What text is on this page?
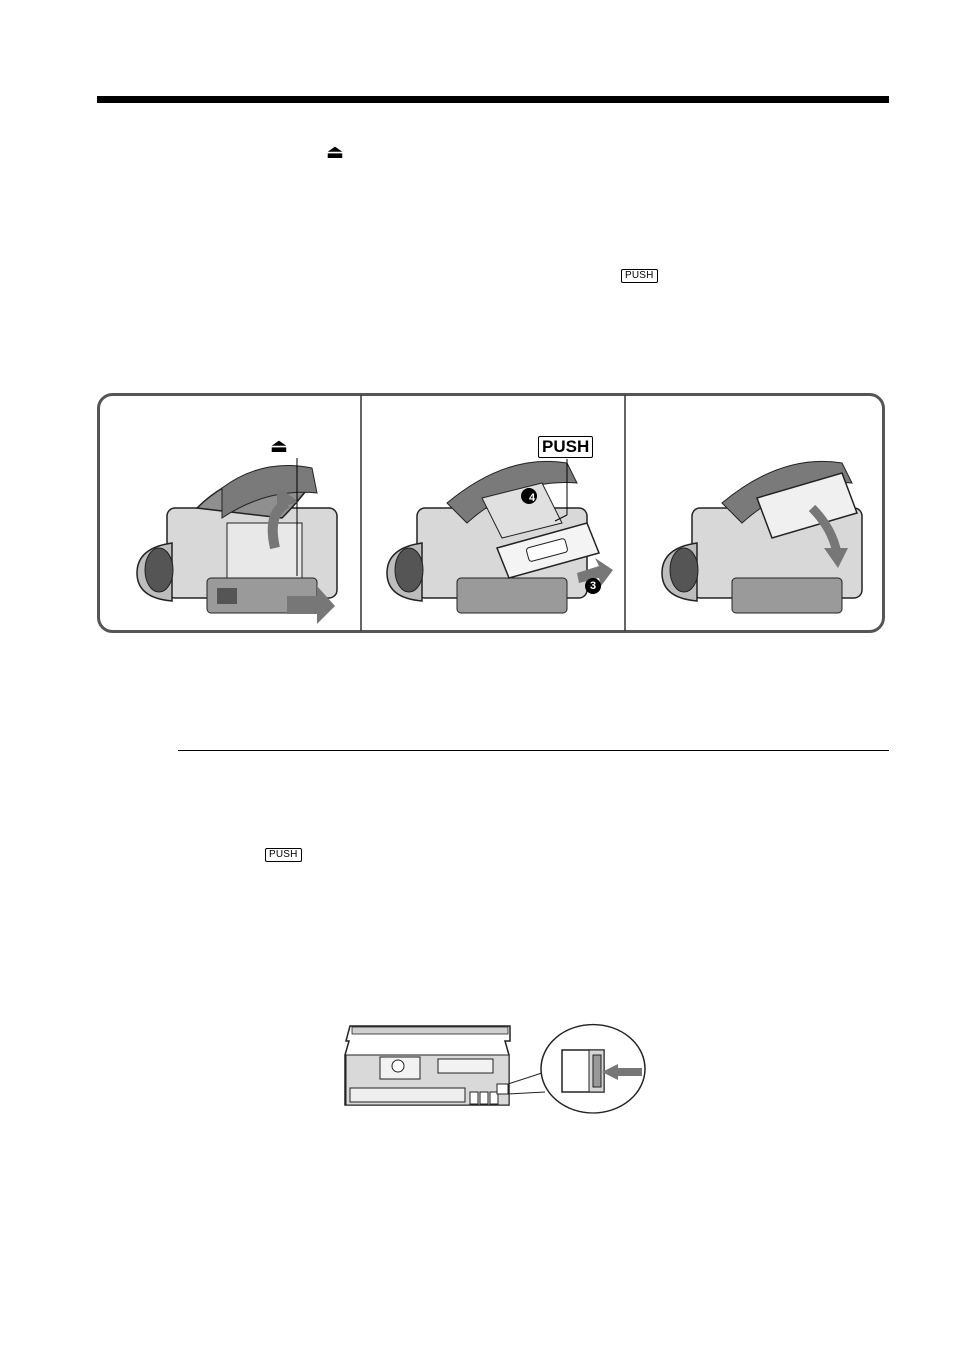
⏏
PUSH
⏏	PUSH
4
3
PUSH
